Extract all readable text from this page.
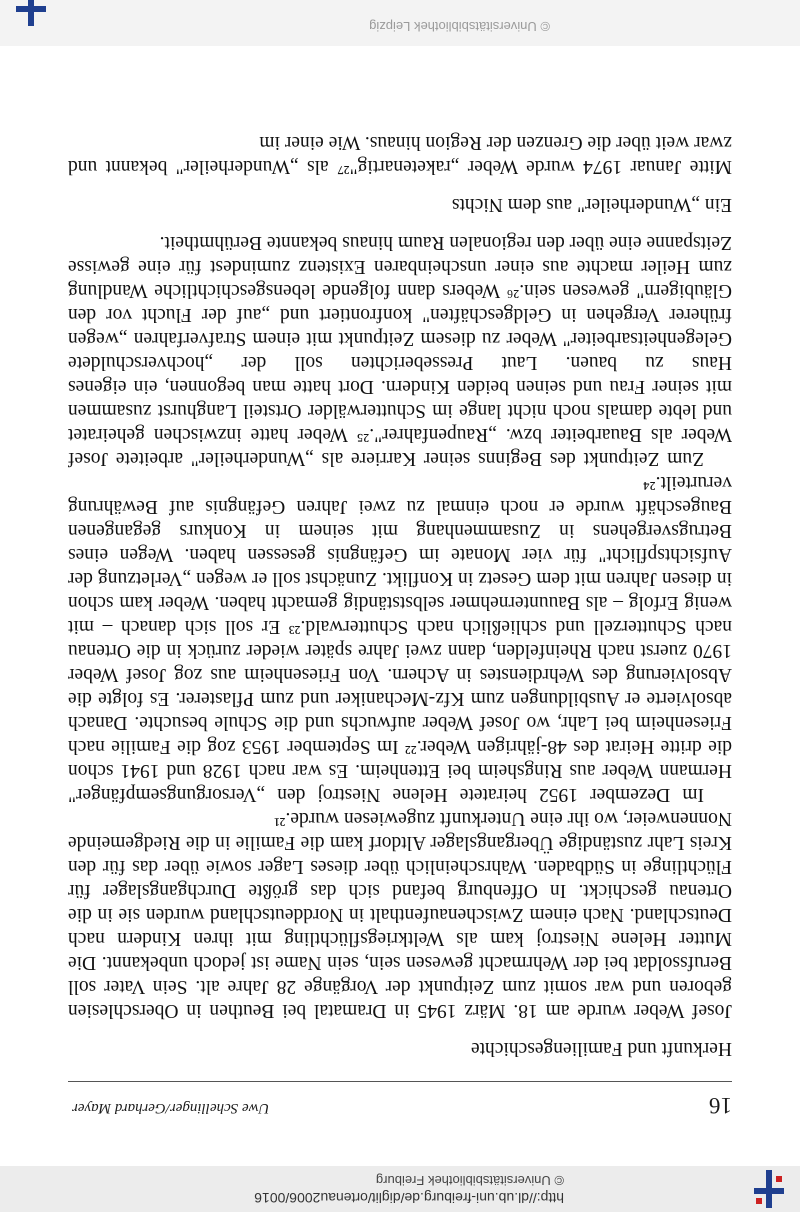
http://dl.ub.uni-freiburg.de/diglit/ortenau2006/0016
© Universitätsbibliothek Freiburg
16
Uwe Schellinger/Gerhard Mayer
Herkunft und Familiengeschichte

Josef Weber wurde am 18. März 1945 in Dramatal bei Beuthen in Oberschlesien geboren und war somit zum Zeitpunkt der Vorgänge 28 Jahre alt. Sein Vater soll Berufssoldat bei der Wehrmacht gewesen sein, sein Name ist jedoch unbekannt. Die Mutter Helene Niestroj kam als Weltkriegsflüchtling mit ihren Kindern nach Deutschland. Nach einem Zwischenaufenthalt in Norddeutschland wurden sie in die Ortenau geschickt. In Offenburg befand sich das größte Durchgangslager für Flüchtlinge in Südbaden. Wahrscheinlich über dieses Lager sowie über das für den Kreis Lahr zuständige Übergangslager Altdorf kam die Familie in die Riedgemeinde Nonnenweier, wo ihr eine Unterkunft zugewiesen wurde.²¹

Im Dezember 1952 heiratete Helene Niestroj den „Versorgungsempfänger" Hermann Weber aus Ringsheim bei Ettenheim. Es war nach 1928 und 1941 schon die dritte Heirat des 48-jährigen Weber.²² Im September 1953 zog die Familie nach Friesenheim bei Lahr, wo Josef Weber aufwuchs und die Schule besuchte. Danach absolvierte er Ausbildungen zum Kfz-Mechaniker und zum Pflasterer. Es folgte die Absolvierung des Wehrdienstes in Achern. Von Friesenheim aus zog Josef Weber 1970 zuerst nach Rheinfelden, dann zwei Jahre später wieder zurück in die Ortenau nach Schutterzell und schließlich nach Schutterwald.²³ Er soll sich danach – mit wenig Erfolg – als Bauunternehmer selbstständig gemacht haben. Weber kam schon in diesen Jahren mit dem Gesetz in Konflikt. Zunächst soll er wegen „Verletzung der Aufsichtspflicht" für vier Monate im Gefängnis gesessen haben. Wegen eines Betrugsvergehens in Zusammenhang mit seinem in Konkurs gegangenen Baugeschäft wurde er noch einmal zu zwei Jahren Gefängnis auf Bewährung verurteilt.²⁴

Zum Zeitpunkt des Beginns seiner Karriere als „Wunderheiler" arbeitete Josef Weber als Bauarbeiter bzw. „Raupenfahrer".²⁵ Weber hatte inzwischen geheiratet und lebte damals noch nicht lange im Schutterwälder Ortsteil Langhurst zusammen mit seiner Frau und seinen beiden Kindern. Dort hatte man begonnen, ein eigenes Haus zu bauen. Laut Presseberichten soll der „hochverschuldete Gelegenheitsarbeiter" Weber zu diesem Zeitpunkt mit einem Strafverfahren „wegen früherer Vergehen in Geldgeschäften" konfrontiert und „auf der Flucht vor den Gläubigern" gewesen sein.²⁶ Webers dann folgende lebensgeschichtliche Wandlung zum Heiler machte aus einer unscheinbaren Existenz zumindest für eine gewisse Zeitspanne eine über den regionalen Raum hinaus bekannte Berühmtheit.

Ein „Wunderheiler" aus dem Nichts

Mitte Januar 1974 wurde Weber „raketenartig"²⁷ als „Wunderheiler" bekannt und zwar weit über die Grenzen der Region hinaus. Wie einer im

© Universitätsbibliothek Leipzig
